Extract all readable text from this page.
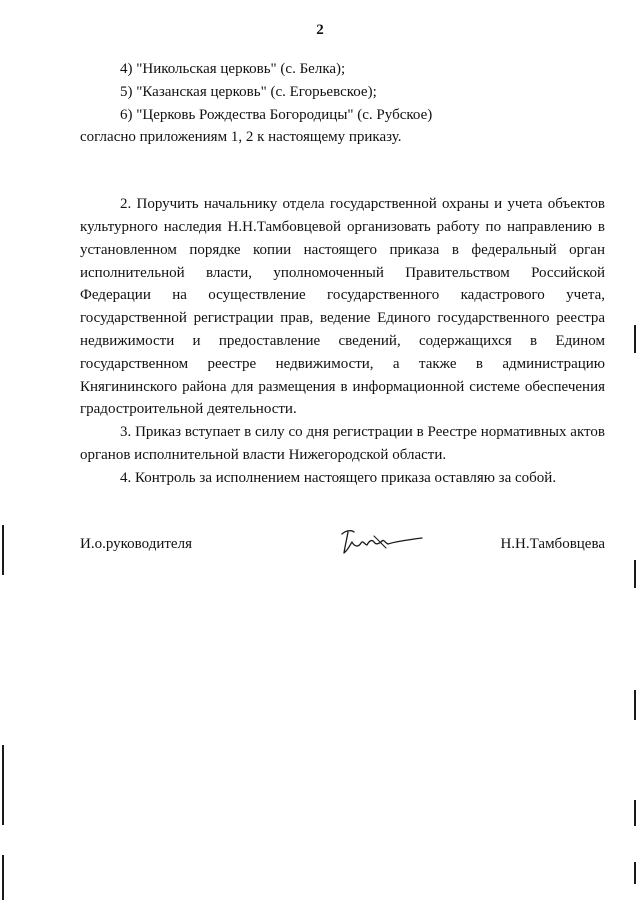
2

4) "Никольская церковь" (с. Белка);

5) "Казанская церковь" (с. Егорьевское);

6) "Церковь Рождества Богородицы" (с. Рубское)

согласно приложениям 1, 2 к настоящему приказу.

2. Поручить начальнику отдела государственной охраны и учета объектов культурного наследия Н.Н.Тамбовцевой организовать работу по направлению в установленном порядке копии настоящего приказа в федеральный орган исполнительной власти, уполномоченный Правительством Российской Федерации на осуществление государственного кадастрового учета, государственной регистрации прав, ведение Единого государственного реестра недвижимости и предоставление сведений, содержащихся в Едином государственном реестре недвижимости, а также в администрацию Княгининского района для размещения в информационной системе обеспечения градостроительной деятельности.

3. Приказ вступает в силу со дня регистрации в Реестре нормативных актов органов исполнительной власти Нижегородской области.

4. Контроль за исполнением настоящего приказа оставляю за собой.

И.о.руководителя	Н.Н.Тамбовцева
